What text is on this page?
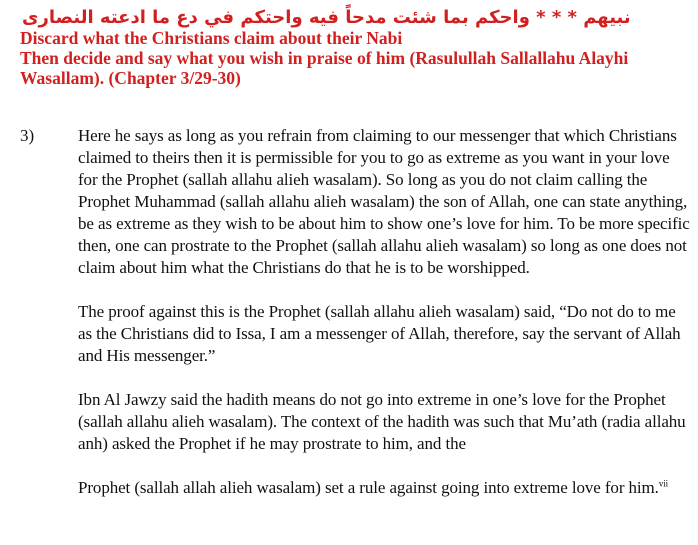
نبيهم * * * واحكم بما شئت مدحاً فيه واحتكم في دع ما ادعته النصارى

Discard what the Christians claim about their Nabi

Then decide and say what you wish in praise of him (Rasulullah Sallallahu Alayhi Wasallam). (Chapter 3/29-30)

3)	Here he says as long as you refrain from claiming to our messenger that which Christians claimed to theirs then it is permissible for you to go as extreme as you want in your love for the Prophet (sallah allahu alieh wasalam). So long as you do not claim calling the Prophet Muhammad (sallah allahu alieh wasalam) the son of Allah, one can state anything, be as extreme as they wish to be about him to show one’s love for him. To be more specific then, one can prostrate to the Prophet (sallah allahu alieh wasalam) so long as one does not claim about him what the Christians do that he is to be worshipped.

The proof against this is the Prophet (sallah allahu alieh wasalam) said, “Do not do to me as the Christians did to Issa, I am a messenger of Allah, therefore, say the servant of Allah and His messenger.”

Ibn Al Jawzy said the hadith means do not go into extreme in one’s love for the Prophet (sallah allahu alieh wasalam). The context of the hadith was such that Mu’ath (radia allahu anh) asked the Prophet if he may prostrate to him, and the

Prophet (sallah allah alieh wasalam) set a rule against going into extreme love for him.$^{vii}$
